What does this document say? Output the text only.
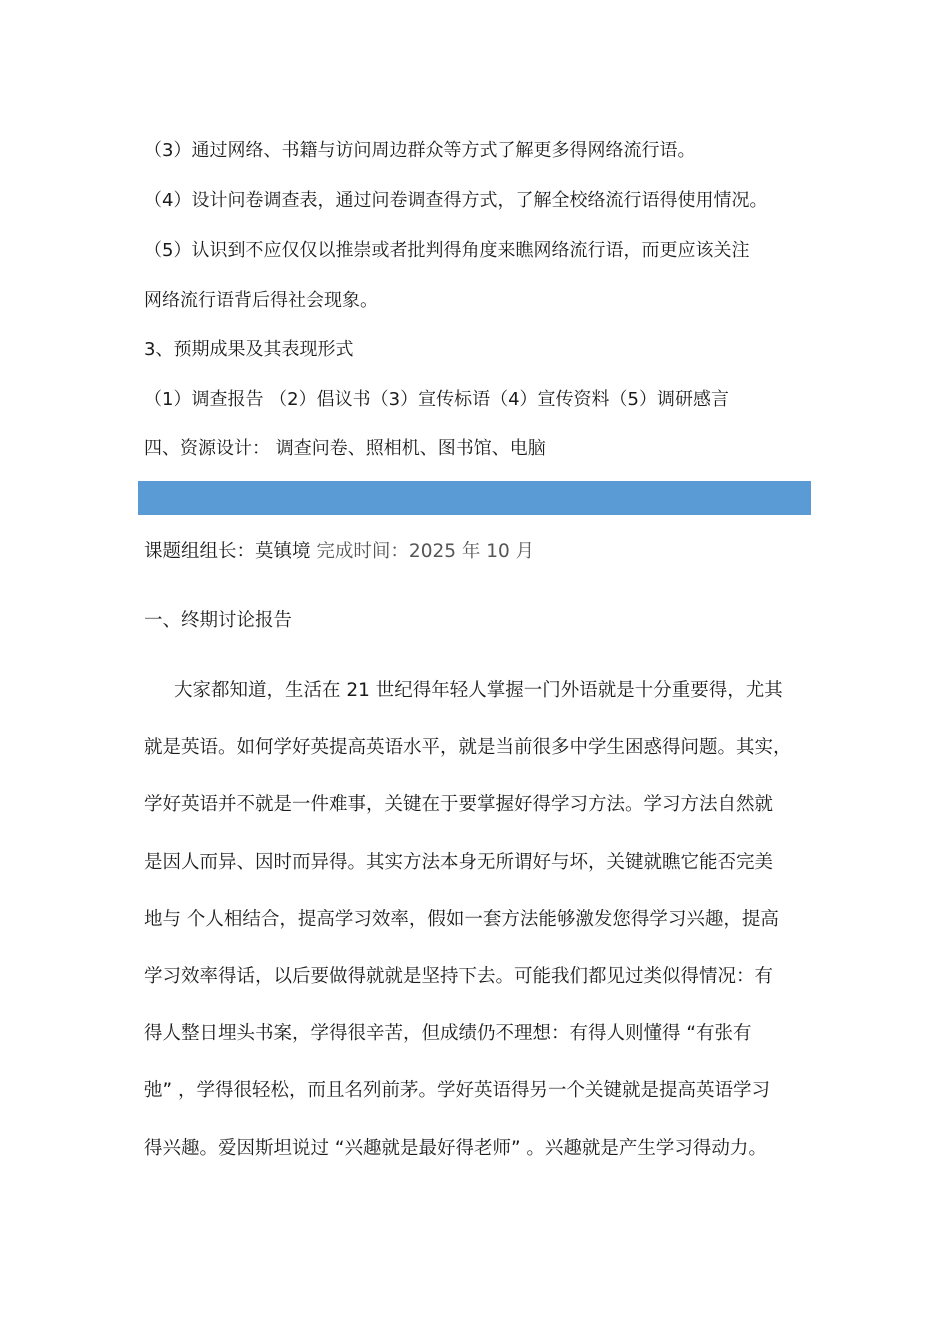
（3）通过网络、书籍与访问周边群众等方式了解更多得网络流行语。
（4）设计问卷调查表，通过问卷调查得方式，了解全校络流行语得使用情况。
（5）认识到不应仅仅以推崇或者批判得角度来瞧网络流行语，而更应该关注
网络流行语背后得社会现象。
3、预期成果及其表现形式
（1）调查报告 （2）倡议书（3）宣传标语（4）宣传资料（5）调研感言
四、资源设计： 调查问卷、照相机、图书馆、电脑
课题组组长：莫镇境 完成时间：2025 年 10 月
一、终期讨论报告
大家都知道，生活在 21 世纪得年轻人掌握一门外语就是十分重要得，尤其
就是英语。如何学好英提高英语水平，就是当前很多中学生困惑得问题。其实，
学好英语并不就是一件难事，关键在于要掌握好得学习方法。学习方法自然就
是因人而异、因时而异得。其实方法本身无所谓好与坏，关键就瞧它能否完美
地与 个人相结合，提高学习效率，假如一套方法能够激发您得学习兴趣，提高
学习效率得话，以后要做得就就是坚持下去。可能我们都见过类似得情况：有
得人整日埋头书案，学得很辛苦，但成绩仍不理想：有得人则懂得 “有张有
弛” ，学得很轻松，而且名列前茅。学好英语得另一个关键就是提高英语学习
得兴趣。爱因斯坦说过 “兴趣就是最好得老师” 。兴趣就是产生学习得动力。
